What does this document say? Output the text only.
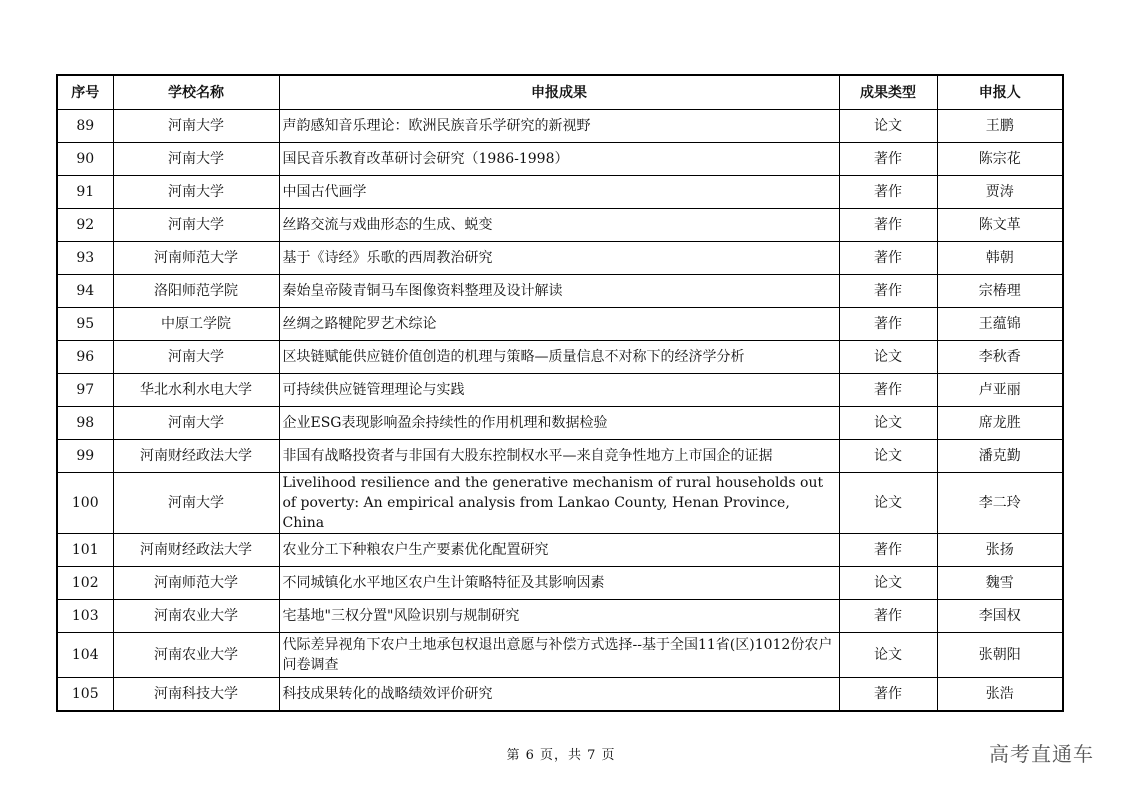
序号	学校名称	申报成果	成果类型	申报人
89	河南大学	声韵感知音乐理论：欧洲民族音乐学研究的新视野	论文	王鹏
90	河南大学	国民音乐教育改革研讨会研究（1986-1998）	著作	陈宗花
91	河南大学	中国古代画学	著作	贾涛
92	河南大学	丝路交流与戏曲形态的生成、蜕变	著作	陈文革
93	河南师范大学	基于《诗经》乐歌的西周教治研究	著作	韩朝
94	洛阳师范学院	秦始皇帝陵青铜马车图像资料整理及设计解读	著作	宗椿理
95	中原工学院	丝绸之路犍陀罗艺术综论	著作	王蕴锦
96	河南大学	区块链赋能供应链价值创造的机理与策略—质量信息不对称下的经济学分析	论文	李秋香
97	华北水利水电大学	可持续供应链管理理论与实践	著作	卢亚丽
98	河南大学	企业ESG表现影响盈余持续性的作用机理和数据检验	论文	席龙胜
99	河南财经政法大学	非国有战略投资者与非国有大股东控制权水平—来自竞争性地方上市国企的证据	论文	潘克勤
100	河南大学	Livelihood resilience and the generative mechanism of rural households out of poverty: An empirical analysis from Lankao County, Henan Province, China	论文	李二玲
101	河南财经政法大学	农业分工下种粮农户生产要素优化配置研究	著作	张扬
102	河南师范大学	不同城镇化水平地区农户生计策略特征及其影响因素	论文	魏雪
103	河南农业大学	宅基地"三权分置"风险识别与规制研究	著作	李国权
104	河南农业大学	代际差异视角下农户土地承包权退出意愿与补偿方式选择--基于全国11省(区)1012份农户问卷调查	论文	张朝阳
105	河南科技大学	科技成果转化的战略绩效评价研究	著作	张浩
第 6 页，共 7 页	高考直通车
